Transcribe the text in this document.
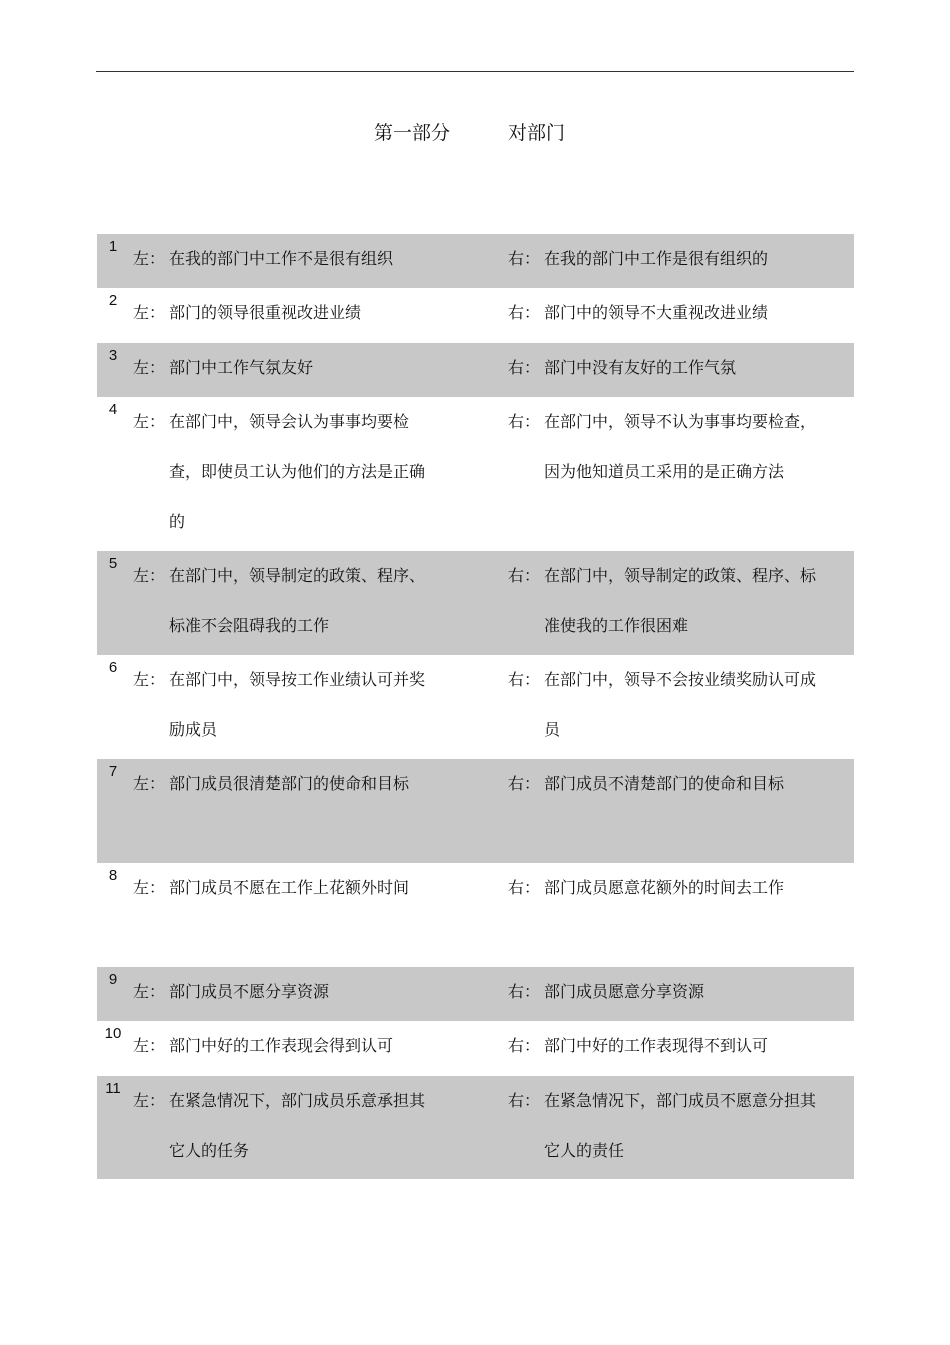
第一部分	对部门
1
左： 在我的部门中工作不是很有组织	右： 在我的部门中工作是很有组织的
2
左： 部门的领导很重视改进业绩	右： 部门中的领导不大重视改进业绩
3
左： 部门中工作气氛友好	右： 部门中没有友好的工作气氛
4
左： 在部门中，领导会认为事事均要检查，即使员工认为他们的方法是正确的
右： 在部门中，领导不认为事事均要检查，因为他知道员工采用的是正确方法
5
左： 在部门中，领导制定的政策、程序、标准不会阻碍我的工作
右： 在部门中，领导制定的政策、程序、标准使我的工作很困难
6
左： 在部门中，领导按工作业绩认可并奖励成员
右： 在部门中，领导不会按业绩奖励认可成员
7
左： 部门成员很清楚部门的使命和目标	右： 部门成员不清楚部门的使命和目标
8
左： 部门成员不愿在工作上花额外时间	右： 部门成员愿意花额外的时间去工作
9
左： 部门成员不愿分享资源	右： 部门成员愿意分享资源
10
左： 部门中好的工作表现会得到认可	右： 部门中好的工作表现得不到认可
11
左： 在紧急情况下，部门成员乐意承担其它人的任务
右： 在紧急情况下，部门成员不愿意分担其它人的责任
